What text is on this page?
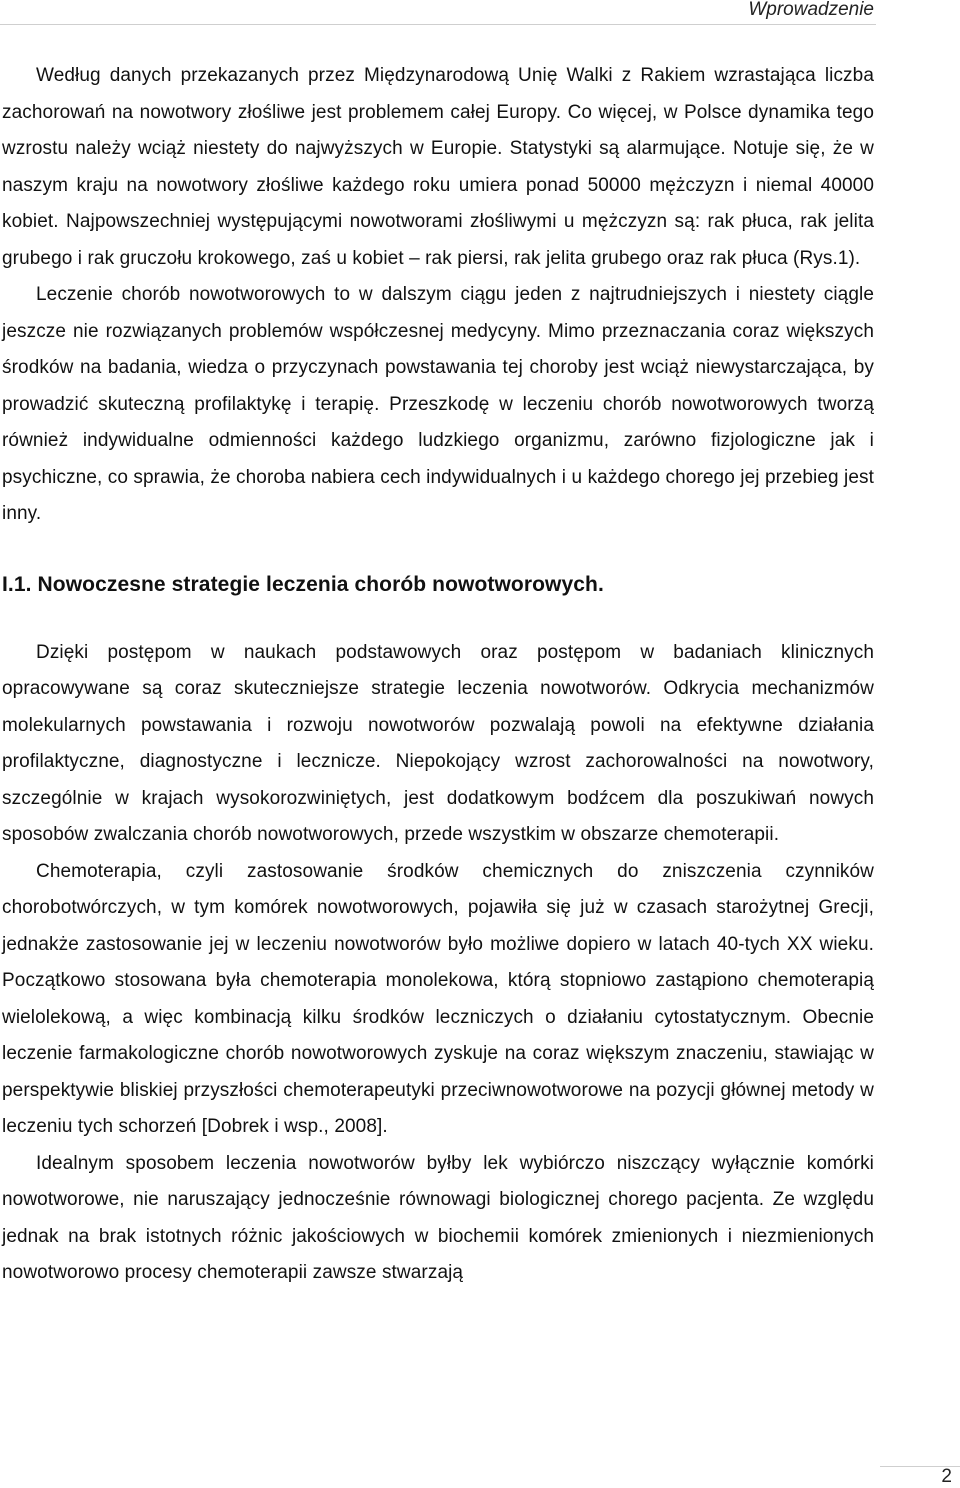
Wprowadzenie

Według danych przekazanych przez Międzynarodową Unię Walki z Rakiem wzrastająca liczba zachorowań na nowotwory złośliwe jest problemem całej Europy. Co więcej, w Polsce dynamika tego wzrostu należy wciąż niestety do najwyższych w Europie. Statystyki są alarmujące. Notuje się, że w naszym kraju na nowotwory złośliwe każdego roku umiera ponad 50000 mężczyzn i niemal 40000 kobiet. Najpowszechniej występującymi nowotworami złośliwymi u mężczyzn są: rak płuca, rak jelita grubego i rak gruczołu krokowego, zaś u kobiet – rak piersi, rak jelita grubego oraz rak płuca (Rys.1).

Leczenie chorób nowotworowych to w dalszym ciągu jeden z najtrudniejszych i niestety ciągle jeszcze nie rozwiązanych problemów współczesnej medycyny. Mimo przeznaczania coraz większych środków na badania, wiedza o przyczynach powstawania tej choroby jest wciąż niewystarczająca, by prowadzić skuteczną profilaktykę i terapię. Przeszkodę w leczeniu chorób nowotworowych tworzą również indywidualne odmienności każdego ludzkiego organizmu, zarówno fizjologiczne jak i psychiczne, co sprawia, że choroba nabiera cech indywidualnych i u każdego chorego jej przebieg jest inny.

I.1. Nowoczesne strategie leczenia chorób nowotworowych.

Dzięki postępom w naukach podstawowych oraz postępom w badaniach klinicznych opracowywane są coraz skuteczniejsze strategie leczenia nowotworów. Odkrycia mechanizmów molekularnych powstawania i rozwoju nowotworów pozwalają powoli na efektywne działania profilaktyczne, diagnostyczne i lecznicze. Niepokojący wzrost zachorowalności na nowotwory, szczególnie w krajach wysokorozwiniętych, jest dodatkowym bodźcem dla poszukiwań nowych sposobów zwalczania chorób nowotworowych, przede wszystkim w obszarze chemoterapii.

Chemoterapia, czyli zastosowanie środków chemicznych do zniszczenia czynników chorobotwórczych, w tym komórek nowotworowych, pojawiła się już w czasach starożytnej Grecji, jednakże zastosowanie jej w leczeniu nowotworów było możliwe dopiero w latach 40-tych XX wieku. Początkowo stosowana była chemoterapia monolekowa, którą stopniowo zastąpiono chemoterapią wielolekową, a więc kombinacją kilku środków leczniczych o działaniu cytostatycznym. Obecnie leczenie farmakologiczne chorób nowotworowych zyskuje na coraz większym znaczeniu, stawiając w perspektywie bliskiej przyszłości chemoterapeutyki przeciwnowotworowe na pozycji głównej metody w leczeniu tych schorzeń [Dobrek i wsp., 2008].

Idealnym sposobem leczenia nowotworów byłby lek wybiórczo niszczący wyłącznie komórki nowotworowe, nie naruszający jednocześnie równowagi biologicznej chorego pacjenta. Ze względu jednak na brak istotnych różnic jakościowych w biochemii komórek zmienionych i niezmienionych nowotworowo procesy chemoterapii zawsze stwarzają

2
